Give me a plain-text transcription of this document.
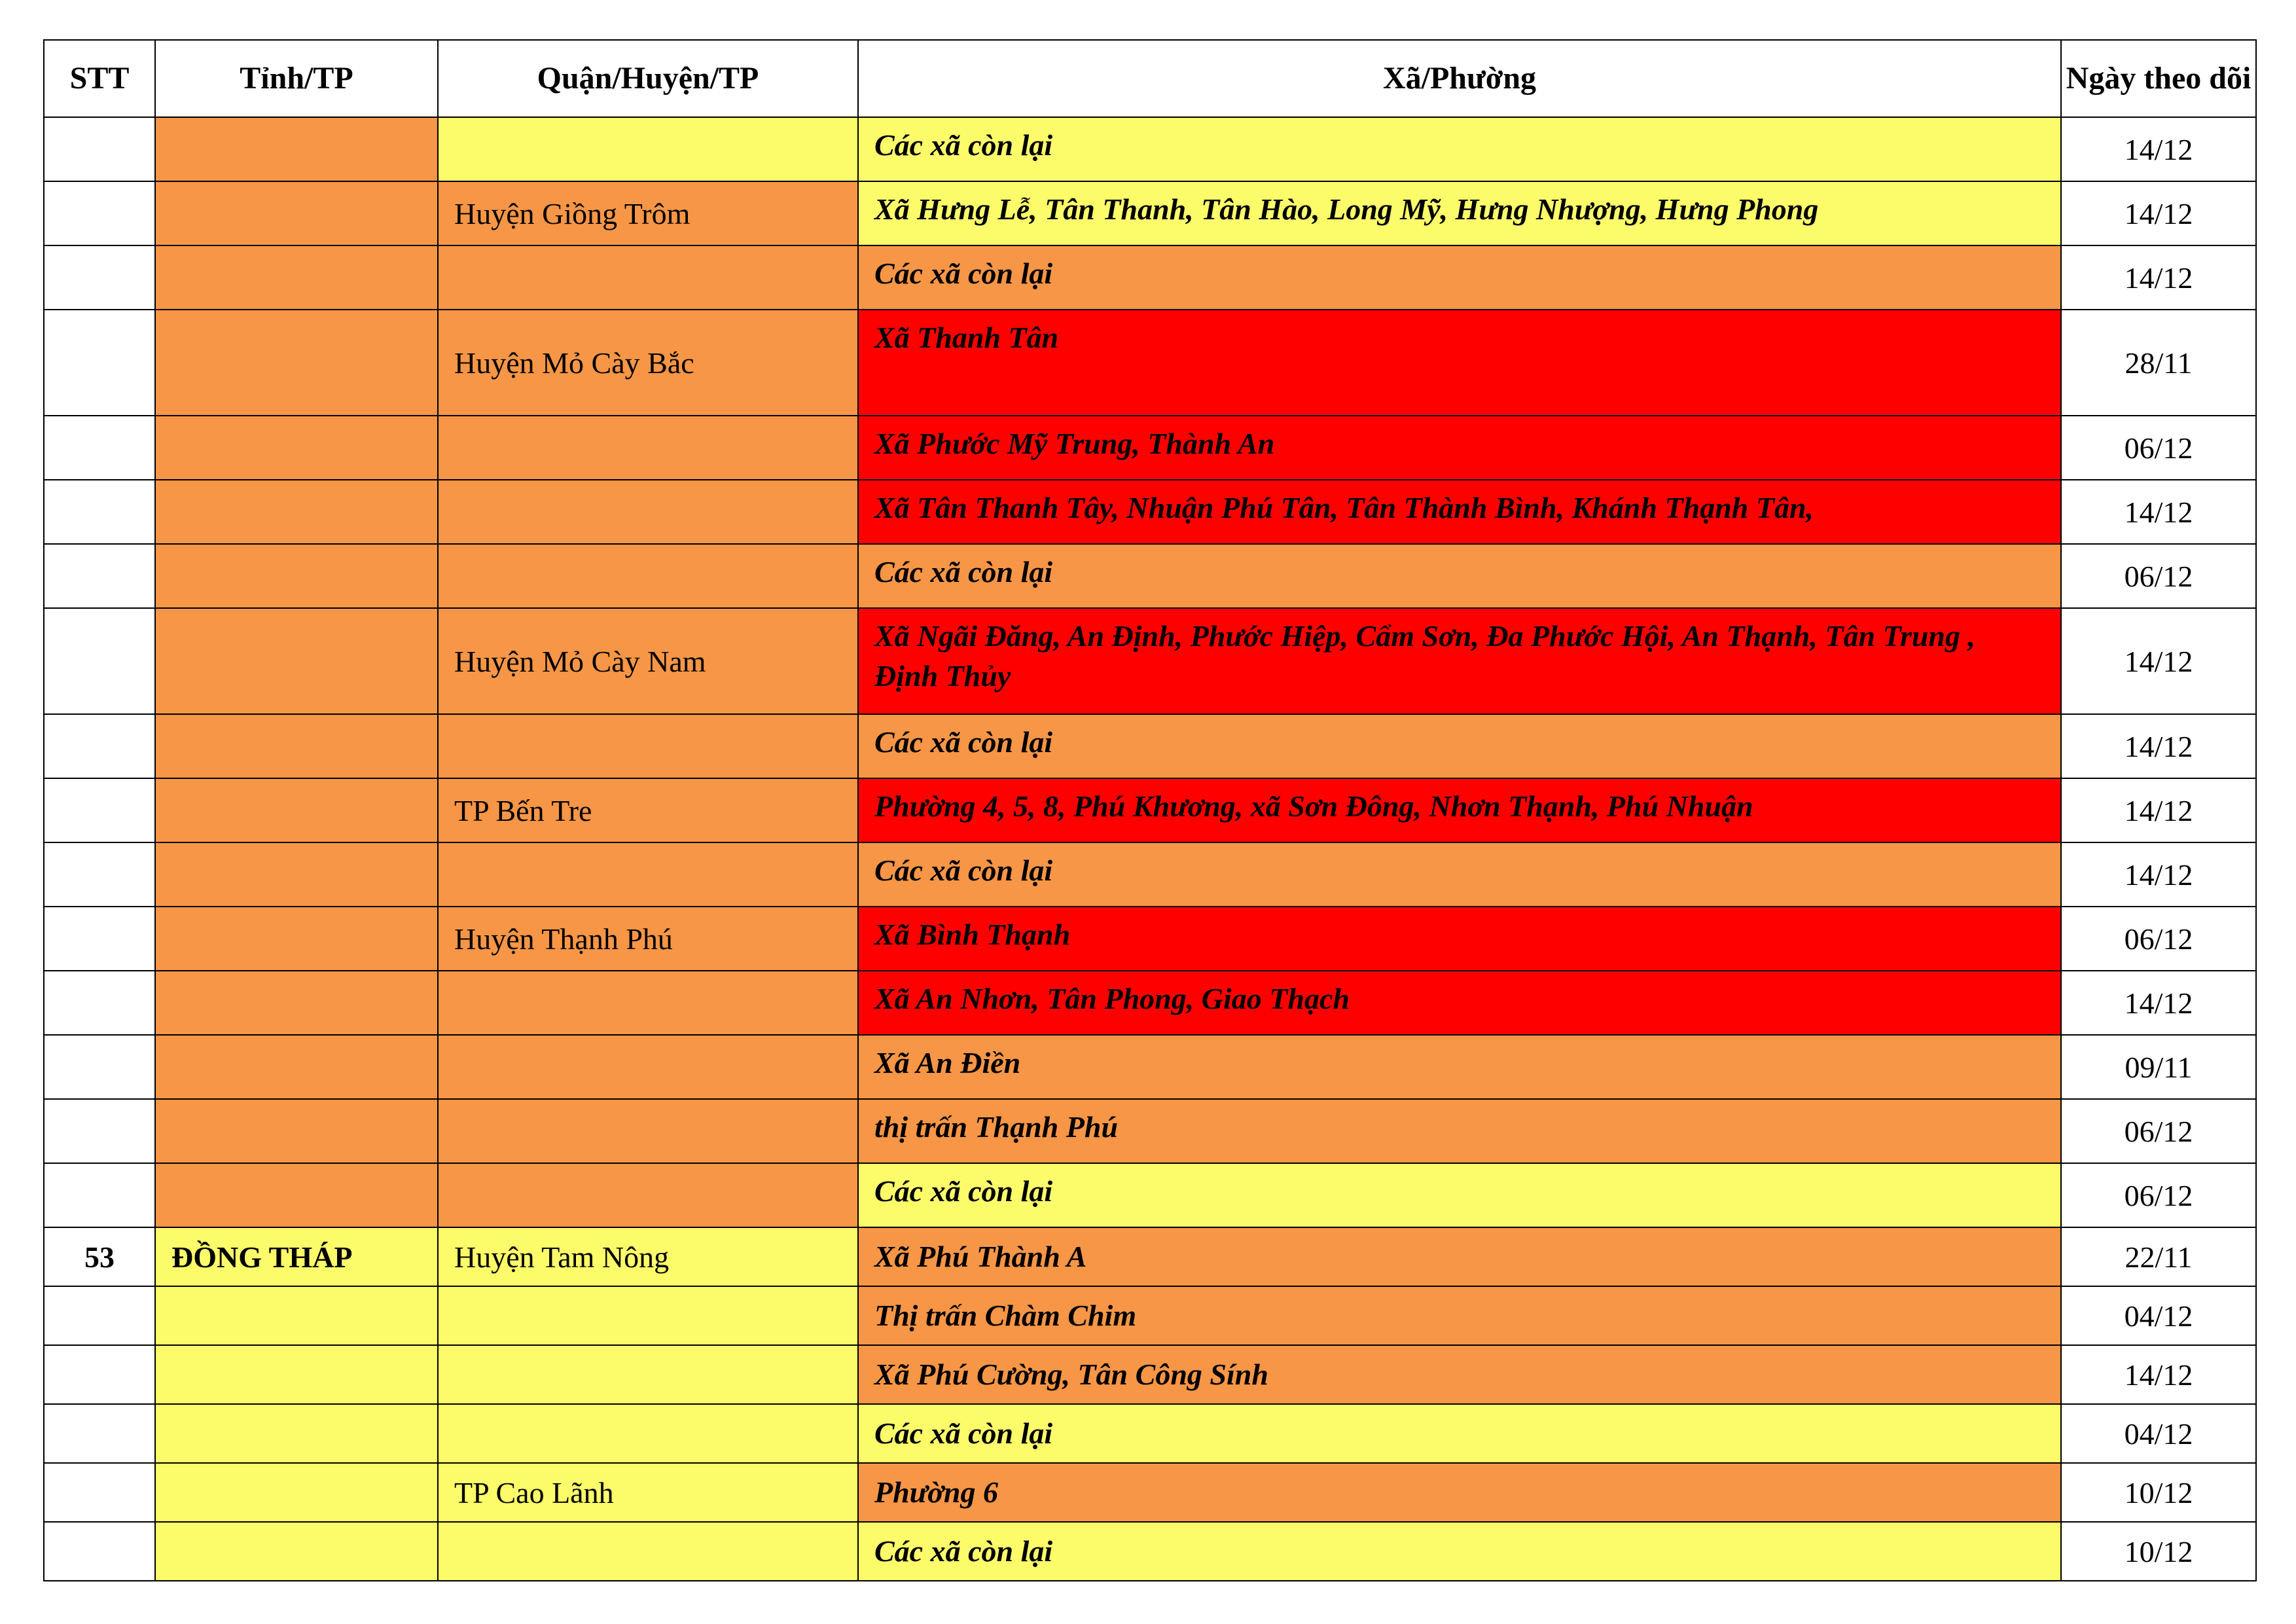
STT	Tỉnh/TP	Quận/Huyện/TP	Xã/Phường	Ngày theo dõi
			Các xã còn lại	14/12
		Huyện Giồng Trôm	Xã Hưng Lễ, Tân Thanh, Tân Hào, Long Mỹ, Hưng Nhượng, Hưng Phong	14/12
			Các xã còn lại	14/12
		Huyện Mỏ Cày Bắc	Xã Thanh Tân	28/11
			Xã Phước Mỹ Trung, Thành An	06/12
			Xã Tân Thanh Tây, Nhuận Phú Tân, Tân Thành Bình, Khánh Thạnh Tân,	14/12
			Các xã còn lại	06/12
		Huyện Mỏ Cày Nam	Xã Ngãi Đăng, An Định, Phước Hiệp, Cẩm Sơn, Đa Phước Hội, An Thạnh, Tân Trung , Định Thủy	14/12
			Các xã còn lại	14/12
		TP Bến Tre	Phường 4, 5, 8, Phú Khương, xã Sơn Đông, Nhơn Thạnh, Phú Nhuận	14/12
			Các xã còn lại	14/12
		Huyện Thạnh Phú	Xã Bình Thạnh	06/12
			Xã An Nhơn, Tân Phong, Giao Thạch	14/12
			Xã An Điền	09/11
			thị trấn Thạnh Phú	06/12
			Các xã còn lại	06/12
53	ĐỒNG THÁP	Huyện Tam Nông	Xã Phú Thành A	22/11
			Thị trấn Chàm Chim	04/12
			Xã Phú Cường, Tân Công Sính	14/12
			Các xã còn lại	04/12
		TP Cao Lãnh	Phường 6	10/12
			Các xã còn lại	10/12
